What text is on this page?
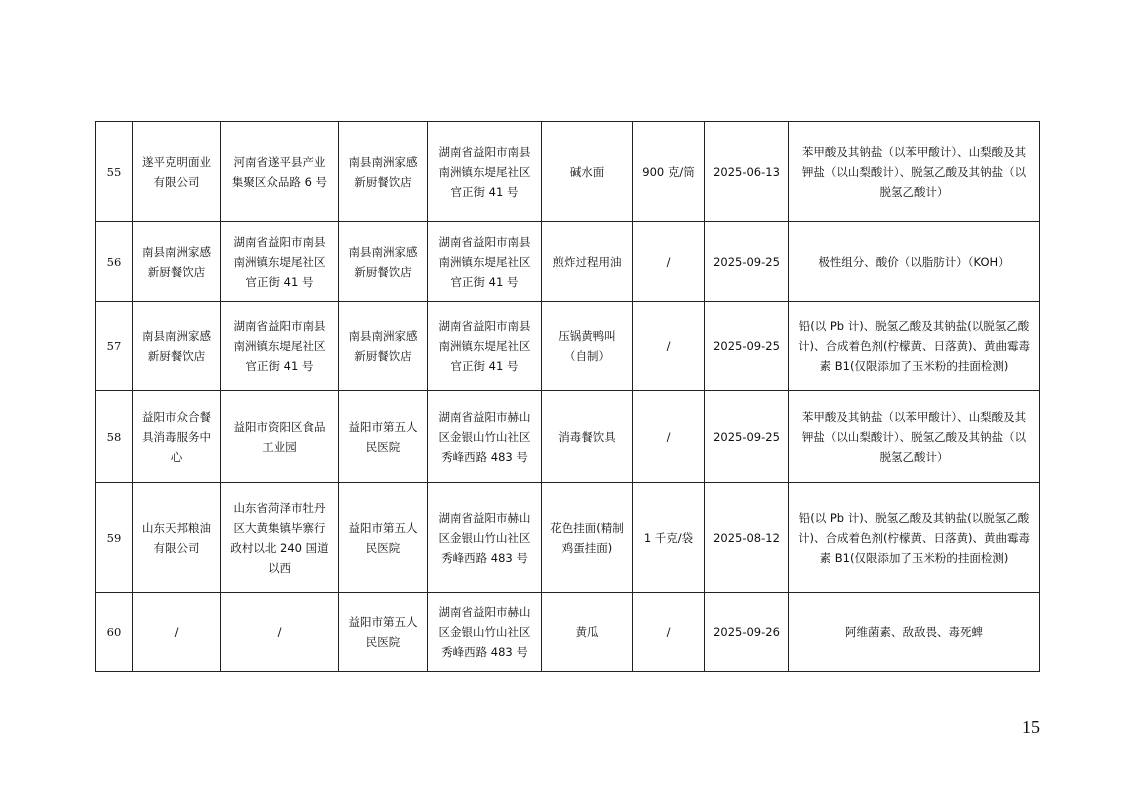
55	遂平克明面业有限公司	河南省遂平县产业集聚区众品路 6 号	南县南洲家感新厨餐饮店	湖南省益阳市南县南洲镇东堤尾社区官正街 41 号	碱水面	900 克/筒	2025-06-13	苯甲酸及其钠盐（以苯甲酸计）、山梨酸及其钾盐（以山梨酸计）、脱氢乙酸及其钠盐（以脱氢乙酸计）
56	南县南洲家感新厨餐饮店	湖南省益阳市南县南洲镇东堤尾社区官正街 41 号	南县南洲家感新厨餐饮店	湖南省益阳市南县南洲镇东堤尾社区官正街 41 号	煎炸过程用油	/	2025-09-25	极性组分、酸价（以脂肪计）（KOH）
57	南县南洲家感新厨餐饮店	湖南省益阳市南县南洲镇东堤尾社区官正街 41 号	南县南洲家感新厨餐饮店	湖南省益阳市南县南洲镇东堤尾社区官正街 41 号	压锅黄鸭叫（自制）	/	2025-09-25	铅(以 Pb 计)、脱氢乙酸及其钠盐(以脱氢乙酸计)、合成着色剂(柠檬黄、日落黄)、黄曲霉毒素 B1(仅限添加了玉米粉的挂面检测)
58	益阳市众合餐具消毒服务中心	益阳市资阳区食品工业园	益阳市第五人民医院	湖南省益阳市赫山区金银山竹山社区秀峰西路 483 号	消毒餐饮具	/	2025-09-25	苯甲酸及其钠盐（以苯甲酸计）、山梨酸及其钾盐（以山梨酸计）、脱氢乙酸及其钠盐（以脱氢乙酸计）
59	山东天邦粮油有限公司	山东省菏泽市牡丹区大黄集镇毕寨行政村以北 240 国道以西	益阳市第五人民医院	湖南省益阳市赫山区金银山竹山社区秀峰西路 483 号	花色挂面(精制鸡蛋挂面)	1 千克/袋	2025-08-12	铅(以 Pb 计)、脱氢乙酸及其钠盐(以脱氢乙酸计)、合成着色剂(柠檬黄、日落黄)、黄曲霉毒素 B1(仅限添加了玉米粉的挂面检测)
60	/	/	益阳市第五人民医院	湖南省益阳市赫山区金银山竹山社区秀峰西路 483 号	黄瓜	/	2025-09-26	阿维菌素、敌敌畏、毒死蜱
15
